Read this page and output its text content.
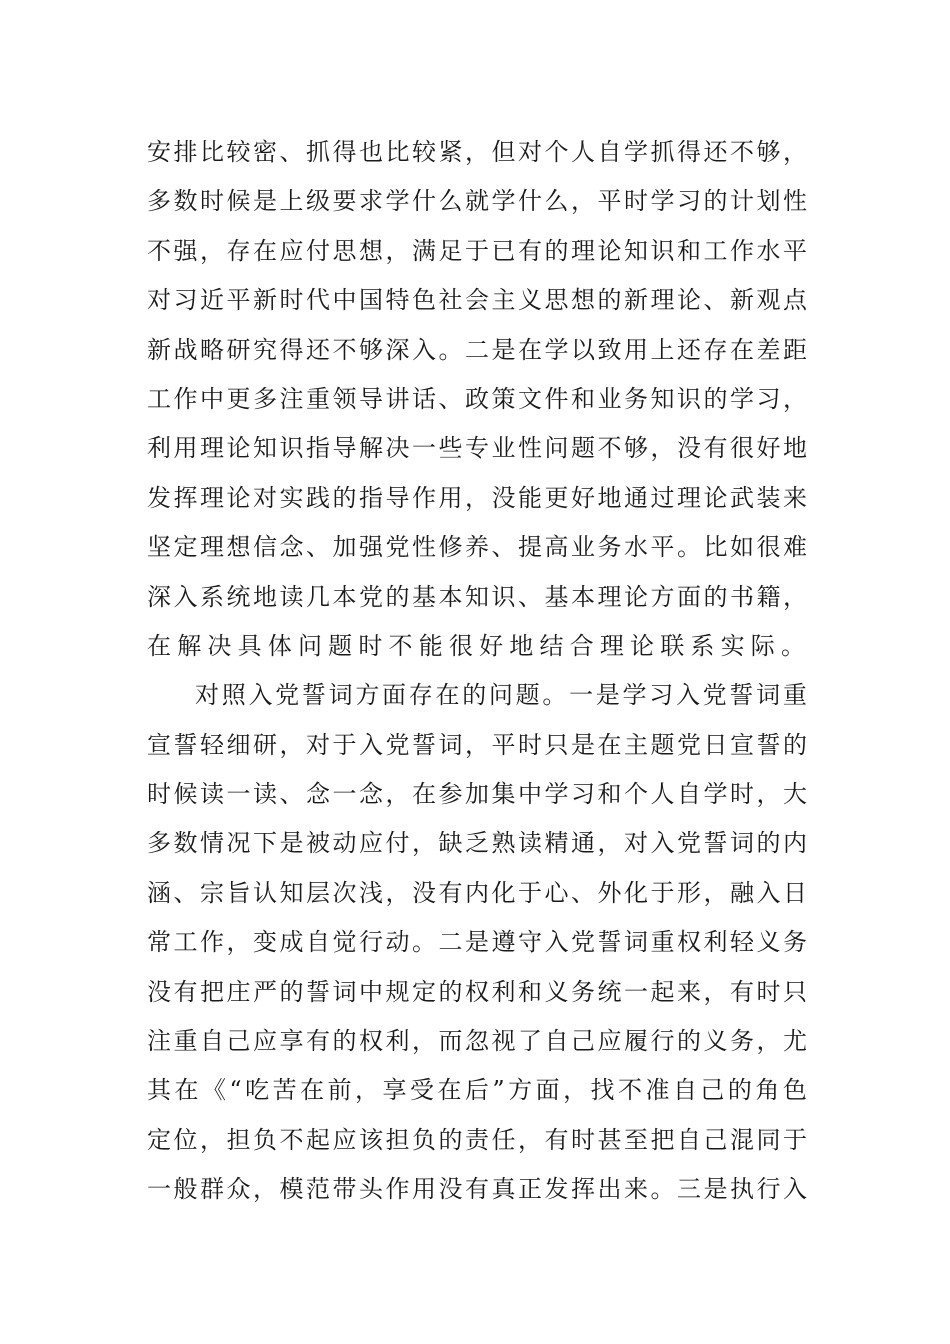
安 排 比 较 密 、 抓 得 也 比 较 紧 ， 但 对 个 人 自 学 抓 得 还 不 够 ，
多 数 时 候 是 上 级 要 求 学 什 么 就 学 什 么 ， 平 时 学 习 的 计 划 性
不 强 ， 存 在 应 付 思 想 ， 满 足 于 已 有 的 理 论 知 识 和 工 作 水 平
对 习 近 平 新 时 代 中 国 特 色 社 会 主 义 思 想 的 新 理 论 、 新 观 点
新 战 略 研 究 得 还 不 够 深 入 。 二 是 在 学 以 致 用 上 还 存 在 差 距
工 作 中 更 多 注 重 领 导 讲 话 、 政 策 文 件 和 业 务 知 识 的 学 习 ，
利 用 理 论 知 识 指 导 解 决 一 些 专 业 性 问 题 不 够 ， 没 有 很 好 地
发 挥 理 论 对 实 践 的 指 导 作 用 ， 没 能 更 好 地 通 过 理 论 武 装 来
坚 定 理 想 信 念 、 加 强 党 性 修 养 、 提 高 业 务 水 平 。 比 如 很 难
深 入 系 统 地 读 几 本 党 的 基 本 知 识 、 基 本 理 论 方 面 的 书 籍 ，
在 解 决 具 体 问 题 时 不 能 很 好 地 结 合 理 论 联 系 实 际 。
对 照 入 党 誓 词 方 面 存 在 的 问 题 。 一 是 学 习 入 党 誓 词 重
宣 誓 轻 细 研 ， 对 于 入 党 誓 词 ， 平 时 只 是 在 主 题 党 日 宣 誓 的
时 候 读 一 读 、 念 一 念 ， 在 参 加 集 中 学 习 和 个 人 自 学 时 ， 大
多 数 情 况 下 是 被 动 应 付 ， 缺 乏 熟 读 精 通 ， 对 入 党 誓 词 的 内
涵 、 宗 旨 认 知 层 次 浅 ， 没 有 内 化 于 心 、 外 化 于 形 ， 融 入 日
常 工 作 ， 变 成 自 觉 行 动 。 二 是 遵 守 入 党 誓 词 重 权 利 轻 义 务
没 有 把 庄 严 的 誓 词 中 规 定 的 权 利 和 义 务 统 一 起 来 ， 有 时 只
注 重 自 己 应 享 有 的 权 利 ， 而 忽 视 了 自 己 应 履 行 的 义 务 ， 尤
其 在 《 “ 吃 苦 在 前 ， 享 受 在 后 ” 方 面 ， 找 不 准 自 己 的 角 色
定 位 ， 担 负 不 起 应 该 担 负 的 责 任 ， 有 时 甚 至 把 自 己 混 同 于
一 般 群 众 ， 模 范 带 头 作 用 没 有 真 正 发 挥 出 来 。 三 是 执 行 入
